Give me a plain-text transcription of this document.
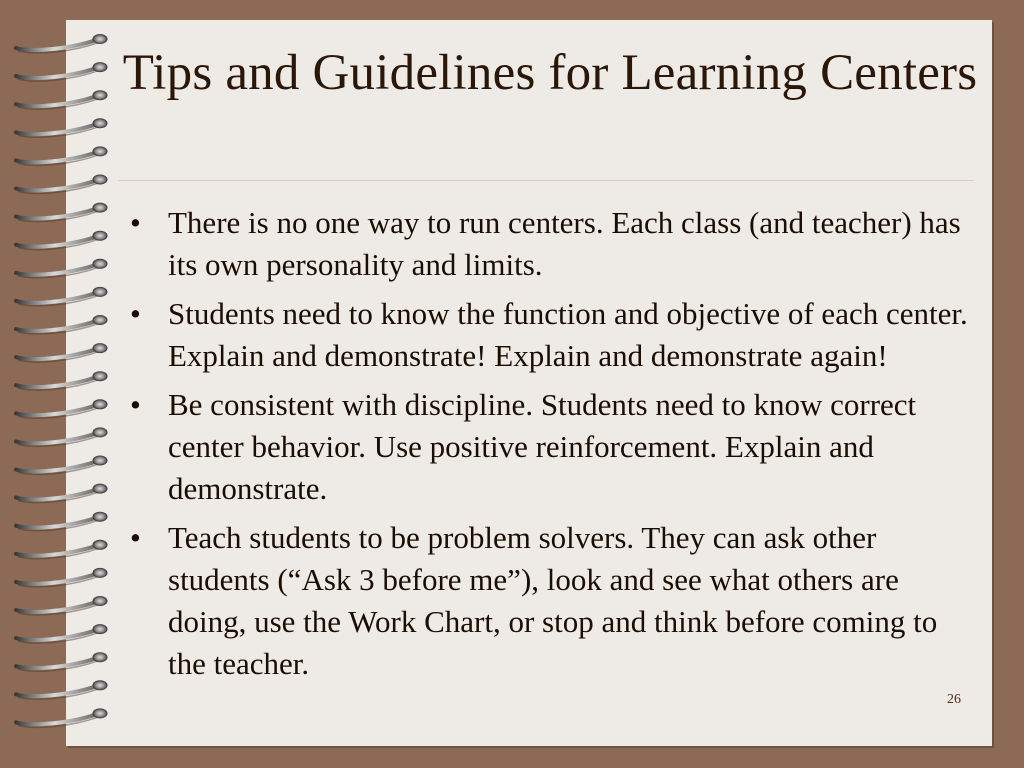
Tips and Guidelines for Learning Centers
• There is no one way to run centers. Each class (and teacher) has its own personality and limits.
• Students need to know the function and objective of each center. Explain and demonstrate! Explain and demonstrate again!
• Be consistent with discipline. Students need to know correct center behavior. Use positive reinforcement. Explain and demonstrate.
• Teach students to be problem solvers. They can ask other students (“Ask 3 before me”), look and see what others are doing, use the Work Chart, or stop and think before coming to the teacher.
26
